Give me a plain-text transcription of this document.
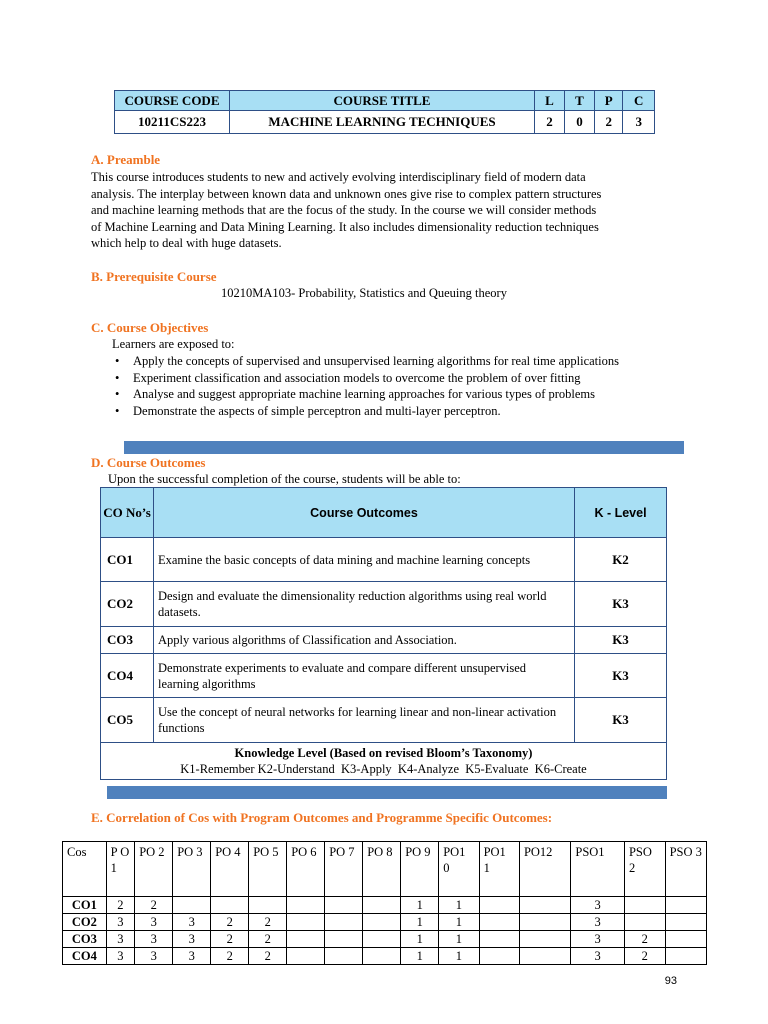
COURSE CODE	COURSE TITLE	L	T	P	C
10211CS223	MACHINE LEARNING TECHNIQUES	2	0	2	3
A. Preamble
This course introduces students to new and actively evolving interdisciplinary field of modern data
analysis. The interplay between known data and unknown ones give rise to complex pattern structures
and machine learning methods that are the focus of the study. In the course we will consider methods
of Machine Learning and Data Mining Learning. It also includes dimensionality reduction techniques
which help to deal with huge datasets.
B. Prerequisite Course
10210MA103- Probability, Statistics and Queuing theory
C. Course Objectives
Learners are exposed to:
• Apply the concepts of supervised and unsupervised learning algorithms for real time applications
• Experiment classification and association models to overcome the problem of over fitting
• Analyse and suggest appropriate machine learning approaches for various types of problems
• Demonstrate the aspects of simple perceptron and multi-layer perceptron.
D. Course Outcomes
Upon the successful completion of the course, students will be able to:
CO No’s	Course Outcomes	K - Level
CO1	Examine the basic concepts of data mining and machine learning concepts	K2
CO2	Design and evaluate the dimensionality reduction algorithms using real world datasets.	K3
CO3	Apply various algorithms of Classification and Association.	K3
CO4	Demonstrate experiments to evaluate and compare different unsupervised learning algorithms	K3
CO5	Use the concept of neural networks for learning linear and non-linear activation functions	K3

Knowledge Level (Based on revised Bloom’s Taxonomy)
K1-Remember K2-Understand  K3-Apply  K4-Analyze  K5-Evaluate  K6-Create		
E. Correlation of Cos with Program Outcomes and Programme Specific Outcomes:
Cos	P O 1	PO 2	PO 3	PO 4	PO 5	PO 6	PO 7	PO 8	PO 9	PO1 0	PO1 1	PO12	PSO1	PSO 2	PSO 3
CO1	2	2							1	1			3		
CO2	3	3	3	2	2				1	1			3		
CO3	3	3	3	2	2				1	1			3	2	
CO4	3	3	3	2	2				1	1			3	2	
93
